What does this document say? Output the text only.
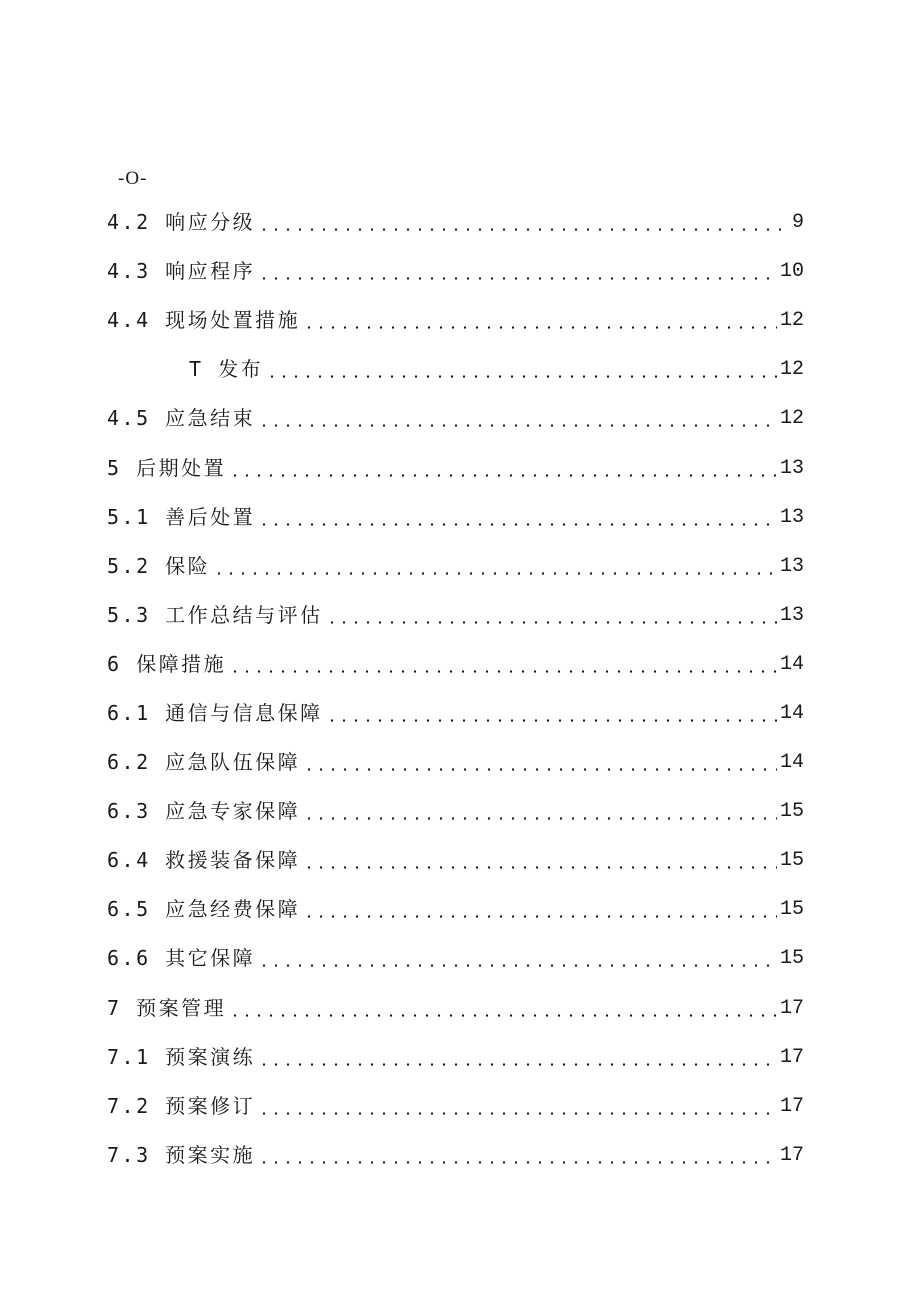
-O-
4.2 响应分级	9
4.3 响应程序	10
4.4 现场处置措施	12
T 发布	12
4.5 应急结束	12
5 后期处置	13
5.1 善后处置	13
5.2 保险	13
5.3 工作总结与评估	13
6 保障措施	14
6.1 通信与信息保障	14
6.2 应急队伍保障	14
6.3 应急专家保障	15
6.4 救援装备保障	15
6.5 应急经费保障	15
6.6 其它保障	15
7 预案管理	17
7.1 预案演练	17
7.2 预案修订	17
7.3 预案实施	17
